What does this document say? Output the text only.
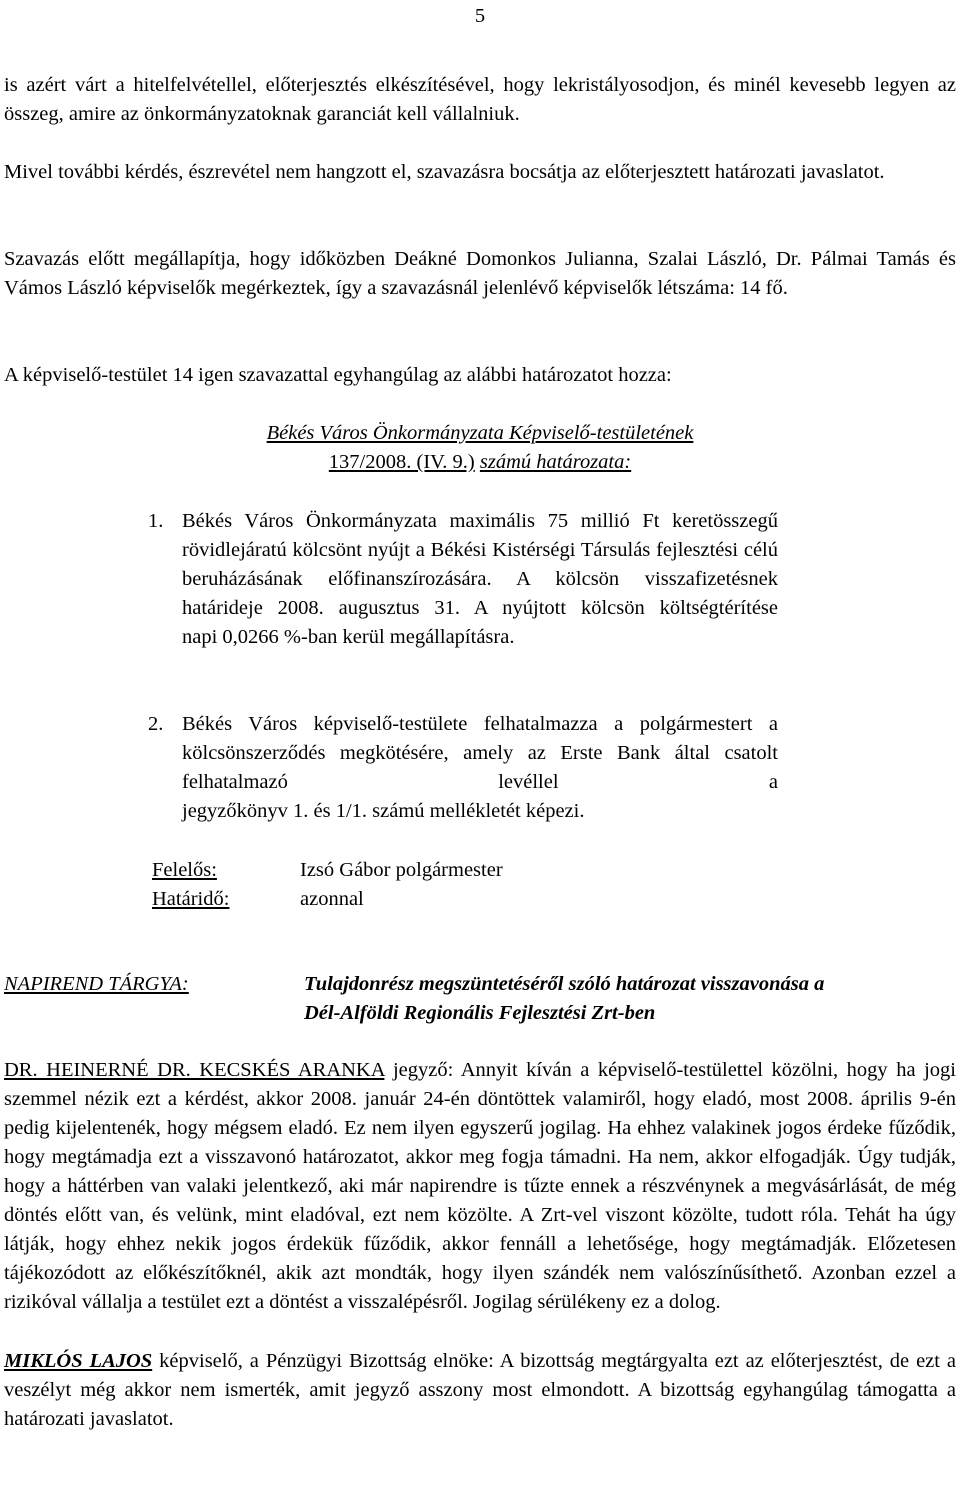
5
is azért várt a hitelfelvétellel, előterjesztés elkészítésével, hogy lekristályosodjon, és minél kevesebb legyen az összeg, amire az önkormányzatoknak garanciát kell vállalniuk.
Mivel további kérdés, észrevétel nem hangzott el, szavazásra bocsátja az előterjesztett határozati javaslatot.
Szavazás előtt megállapítja, hogy időközben Deákné Domonkos Julianna, Szalai László, Dr. Pálmai Tamás és Vámos László képviselők megérkeztek, így a szavazásnál jelenlévő képviselők létszáma: 14 fő.
A képviselő-testület 14 igen szavazattal egyhangúlag az alábbi határozatot hozza:
Békés Város Önkormányzata Képviselő-testületének
137/2008. (IV. 9.) számú határozata:
1. Békés Város Önkormányzata maximális 75 millió Ft keretösszegű rövidlejáratú kölcsönt nyújt a Békési Kistérségi Társulás fejlesztési célú beruházásának előfinanszírozására. A kölcsön visszafizetésnek határideje 2008. augusztus 31. A nyújtott kölcsön költségtérítése
napi 0,0266 %-ban kerül megállapításra.
2. Békés Város képviselő-testülete felhatalmazza a polgármestert a kölcsönszerződés megkötésére, amely az Erste Bank által csatolt felhatalmazó levéllel a
jegyzőkönyv 1. és 1/1. számú mellékletét képezi.
Felelős:	Izsó Gábor polgármester
Határidő:	azonnal
NAPIREND TÁRGYA:	Tulajdonrész megszüntetéséről szóló határozat visszavonása a
Dél-Alföldi Regionális Fejlesztési Zrt-ben
DR. HEINERNÉ DR. KECSKÉS ARANKA jegyző: Annyit kíván a képviselő-testülettel közölni, hogy ha jogi szemmel nézik ezt a kérdést, akkor 2008. január 24-én döntöttek valamiről, hogy eladó, most 2008. április 9-én pedig kijelentenék, hogy mégsem eladó. Ez nem ilyen egyszerű jogilag. Ha ehhez valakinek jogos érdeke fűződik, hogy megtámadja ezt a visszavonó határozatot, akkor meg fogja támadni. Ha nem, akkor elfogadják. Úgy tudják, hogy a háttérben van valaki jelentkező, aki már napirendre is tűzte ennek a részvénynek a megvásárlását, de még döntés előtt van, és velünk, mint eladóval, ezt nem közölte. A Zrt-vel viszont közölte, tudott róla. Tehát ha úgy látják, hogy ehhez nekik jogos érdekük fűződik, akkor fennáll a lehetősége, hogy megtámadják. Előzetesen tájékozódott az előkészítőknél, akik azt mondták, hogy ilyen szándék nem valószínűsíthető. Azonban ezzel a rizikóval vállalja a testület ezt a döntést a visszalépésről. Jogilag sérülékeny ez a dolog.
MIKLÓS LAJOS képviselő, a Pénzügyi Bizottság elnöke: A bizottság megtárgyalta ezt az előterjesztést, de ezt a veszélyt még akkor nem ismerték, amit jegyző asszony most elmondott. A bizottság egyhangúlag támogatta a határozati javaslatot.
